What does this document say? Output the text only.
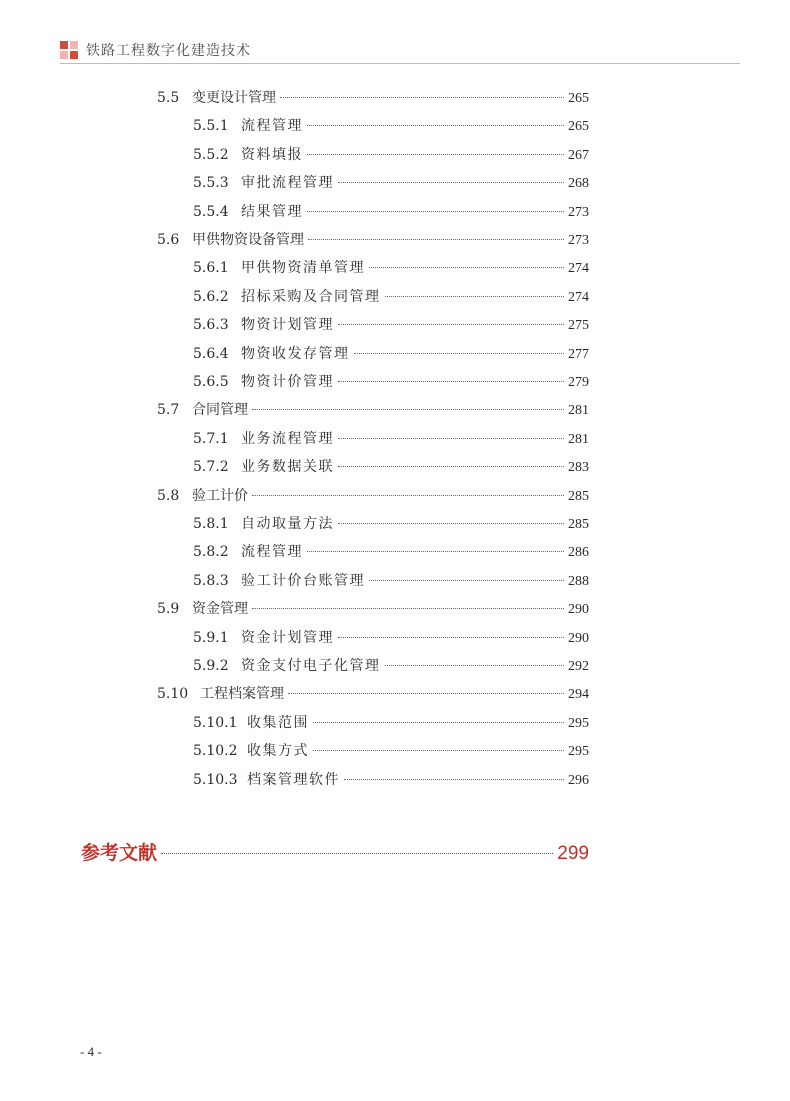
铁路工程数字化建造技术
5.5 变更设计管理	265
5.5.1 流程管理	265
5.5.2 资料填报	267
5.5.3 审批流程管理	268
5.5.4 结果管理	273
5.6 甲供物资设备管理	273
5.6.1 甲供物资清单管理	274
5.6.2 招标采购及合同管理	274
5.6.3 物资计划管理	275
5.6.4 物资收发存管理	277
5.6.5 物资计价管理	279
5.7 合同管理	281
5.7.1 业务流程管理	281
5.7.2 业务数据关联	283
5.8 验工计价	285
5.8.1 自动取量方法	285
5.8.2 流程管理	286
5.8.3 验工计价台账管理	288
5.9 资金管理	290
5.9.1 资金计划管理	290
5.9.2 资金支付电子化管理	292
5.10 工程档案管理	294
5.10.1 收集范围	295
5.10.2 收集方式	295
5.10.3 档案管理软件	296
参考文献	299
- 4 -
